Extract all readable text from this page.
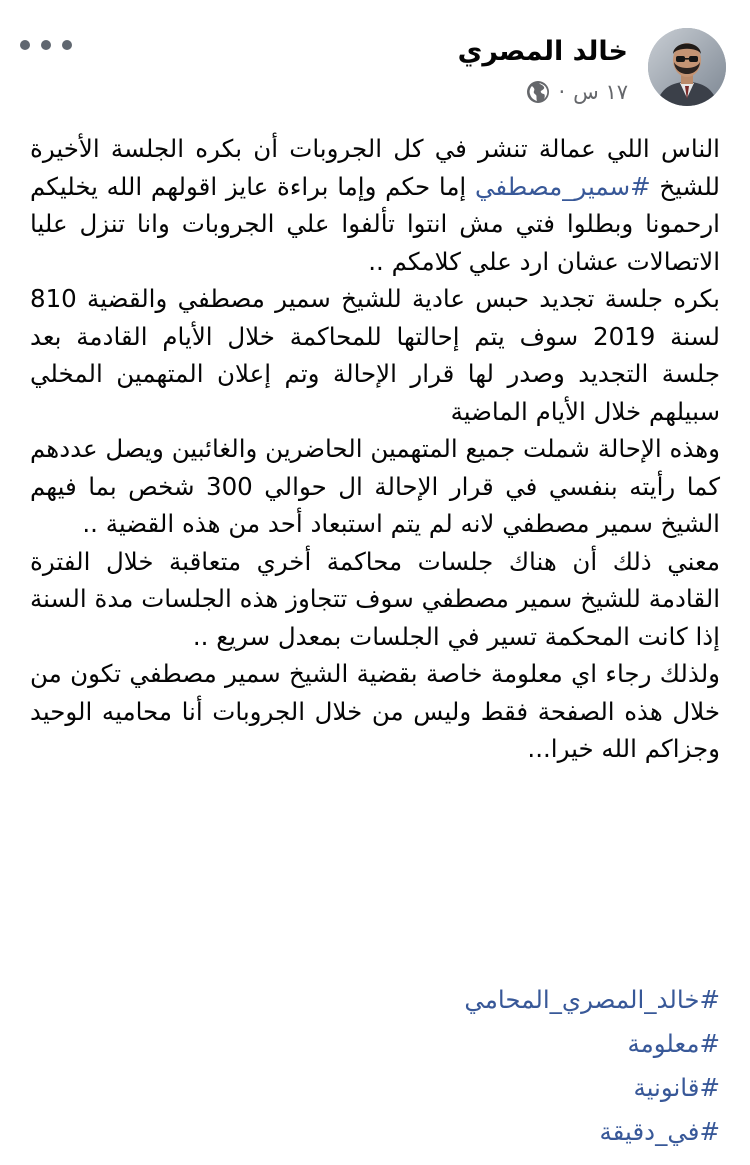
خالد المصري
١٧ س
·

الناس اللي عمالة تنشر في كل الجروبات أن بكره الجلسة الأخيرة للشيخ #سمير_مصطفي إما حكم وإما براءة عايز اقولهم الله يخليكم ارحمونا وبطلوا فتي مش انتوا تألفوا علي الجروبات وانا تنزل عليا الاتصالات عشان ارد علي كلامكم ..

بكره جلسة تجديد حبس عادية للشيخ سمير مصطفي والقضية 810 لسنة 2019 سوف يتم إحالتها للمحاكمة خلال الأيام القادمة بعد جلسة التجديد وصدر لها قرار الإحالة وتم إعلان المتهمين المخلي سبيلهم خلال الأيام الماضية

وهذه الإحالة شملت جميع المتهمين الحاضرين والغائبين ويصل عددهم كما رأيته بنفسي في قرار الإحالة ال حوالي 300 شخص بما فيهم الشيخ سمير مصطفي لانه لم يتم استبعاد أحد من هذه القضية ..

معني ذلك أن هناك جلسات محاكمة أخري متعاقبة خلال الفترة القادمة للشيخ سمير مصطفي سوف تتجاوز هذه الجلسات مدة السنة إذا كانت المحكمة تسير في الجلسات بمعدل سريع ..

ولذلك رجاء اي معلومة خاصة بقضية الشيخ سمير مصطفي تكون من خلال هذه الصفحة فقط وليس من خلال الجروبات أنا محاميه الوحيد وجزاكم الله خيرا...

#خالد_المصري_المحامي
#معلومة
#قانونية
#في_دقيقة
